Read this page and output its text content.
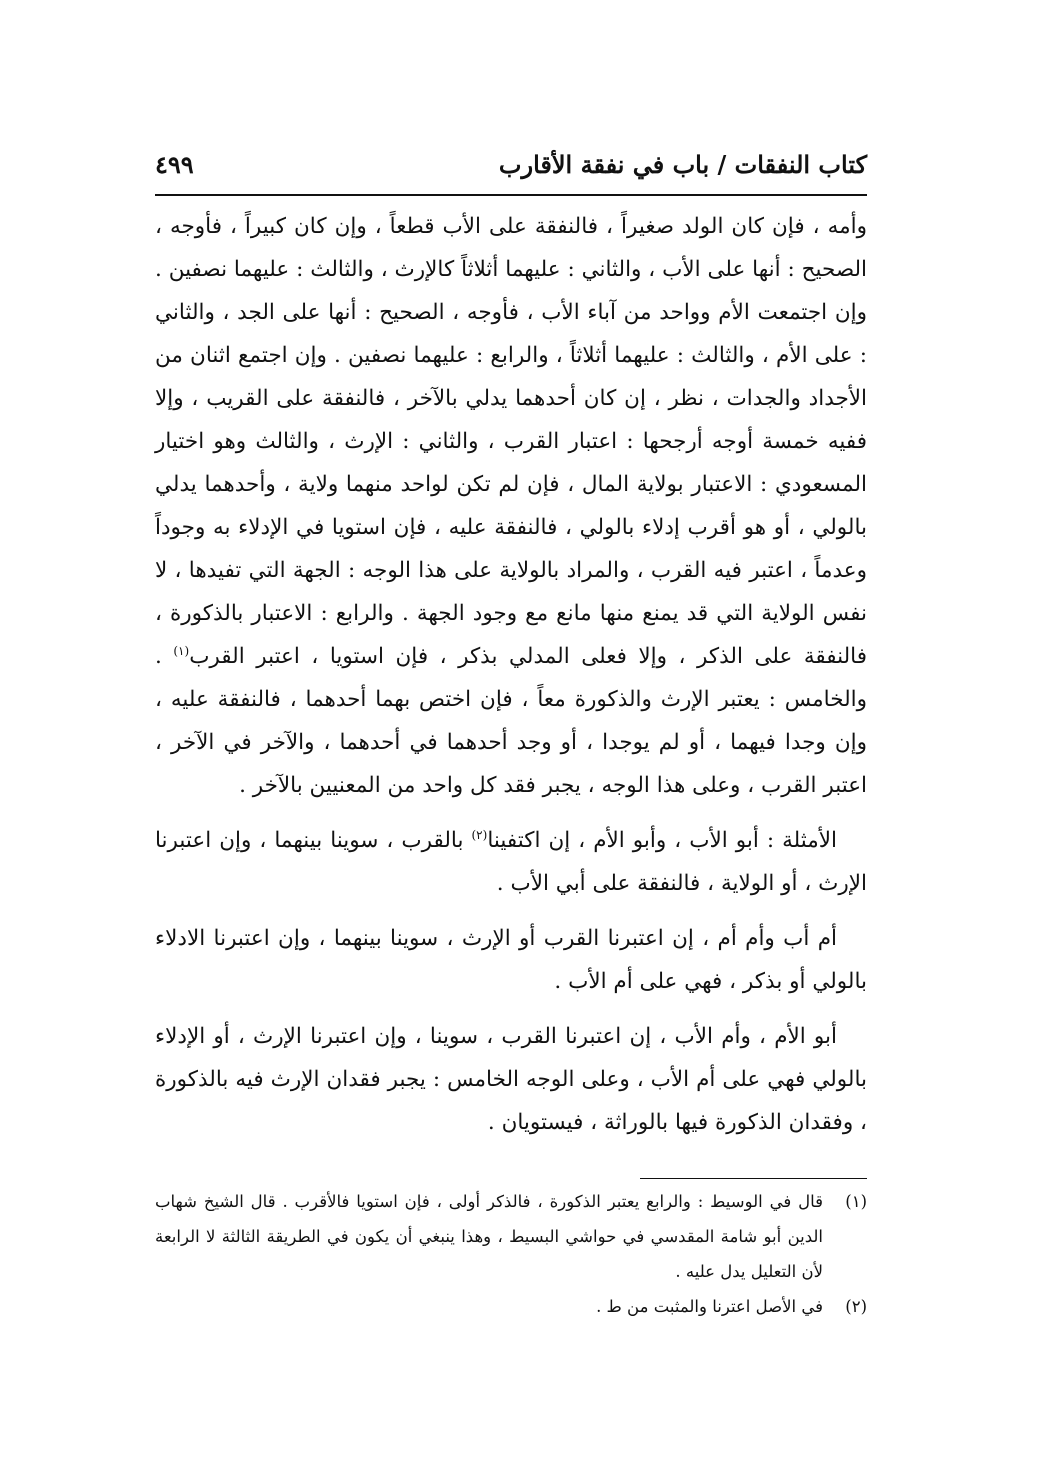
كتاب النفقات / باب في نفقة الأقارب
٤٩٩

وأمه ، فإن كان الولد صغيراً ، فالنفقة على الأب قطعاً ، وإن كان كبيراً ، فأوجه ، الصحيح : أنها على الأب ، والثاني : عليهما أثلاثاً كالإرث ، والثالث : عليهما نصفين . وإن اجتمعت الأم وواحد من آباء الأب ، فأوجه ، الصحيح : أنها على الجد ، والثاني : على الأم ، والثالث : عليهما أثلاثاً ، والرابع : عليهما نصفين . وإن اجتمع اثنان من الأجداد والجدات ، نظر ، إن كان أحدهما يدلي بالآخر ، فالنفقة على القريب ، وإلا ففيه خمسة أوجه أرجحها : اعتبار القرب ، والثاني : الإرث ، والثالث وهو اختيار المسعودي : الاعتبار بولاية المال ، فإن لم تكن لواحد منهما ولاية ، وأحدهما يدلي بالولي ، أو هو أقرب إدلاء بالولي ، فالنفقة عليه ، فإن استويا في الإدلاء به وجوداً وعدماً ، اعتبر فيه القرب ، والمراد بالولاية على هذا الوجه : الجهة التي تفيدها ، لا نفس الولاية التي قد يمنع منها مانع مع وجود الجهة . والرابع : الاعتبار بالذكورة ، فالنفقة على الذكر ، وإلا فعلى المدلي بذكر ، فإن استويا ، اعتبر القرب$^{(١)}$ . والخامس : يعتبر الإرث والذكورة معاً ، فإن اختص بهما أحدهما ، فالنفقة عليه ، وإن وجدا فيهما ، أو لم يوجدا ، أو وجد أحدهما في أحدهما ، والآخر في الآخر ، اعتبر القرب ، وعلى هذا الوجه ، يجبر فقد كل واحد من المعنيين بالآخر .

الأمثلة : أبو الأب ، وأبو الأم ، إن اكتفينا$^{(٢)}$ بالقرب ، سوينا بينهما ، وإن اعتبرنا الإرث ، أو الولاية ، فالنفقة على أبي الأب .

أم أب وأم أم ، إن اعتبرنا القرب أو الإرث ، سوينا بينهما ، وإن اعتبرنا الادلاء بالولي أو بذكر ، فهي على أم الأب .

أبو الأم ، وأم الأب ، إن اعتبرنا القرب ، سوينا ، وإن اعتبرنا الإرث ، أو الإدلاء بالولي فهي على أم الأب ، وعلى الوجه الخامس : يجبر فقدان الإرث فيه بالذكورة ، وفقدان الذكورة فيها بالوراثة ، فيستويان .

(١)
قال في الوسيط : والرابع يعتبر الذكورة ، فالذكر أولى ، فإن استويا فالأقرب . قال الشيخ شهاب الدين أبو شامة المقدسي في حواشي البسيط ، وهذا ينبغي أن يكون في الطريقة الثالثة لا الرابعة لأن التعليل يدل عليه .

(٢)
في الأصل اعترنا والمثبت من ط .
